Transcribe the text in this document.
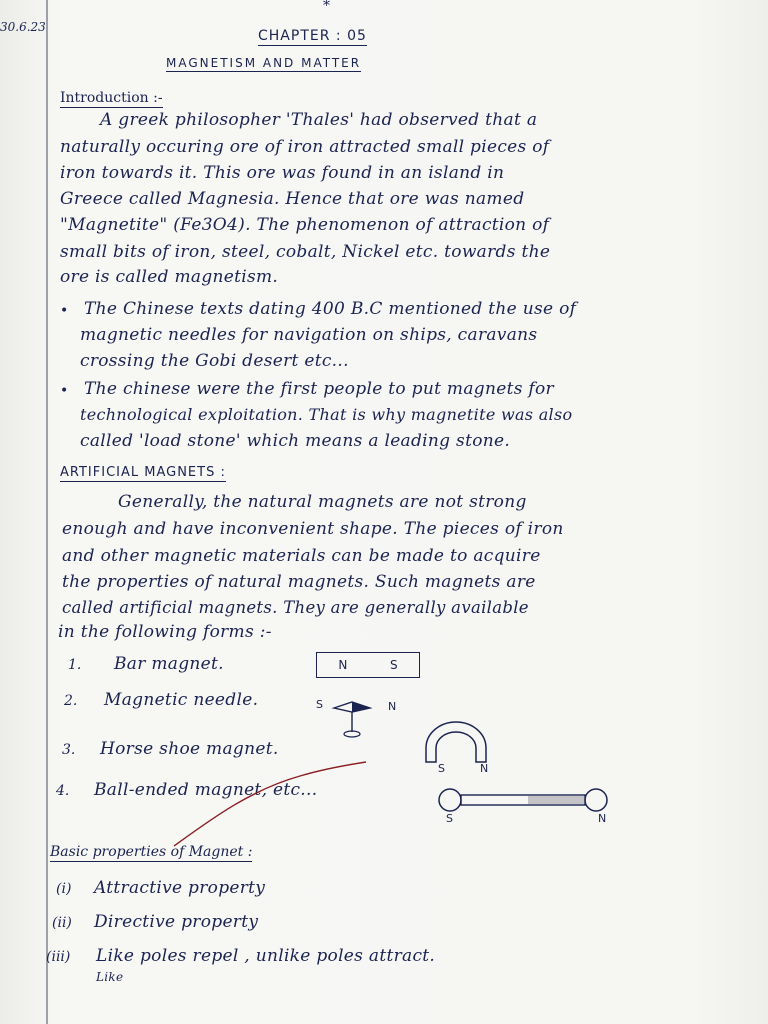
30.6.23
*
CHAPTER : 05
MAGNETISM AND MATTER
Introduction :-
A greek philosopher 'Thales' had observed that a
naturally occuring ore of iron attracted small pieces of
iron towards it. This ore was found in an island in
Greece called Magnesia. Hence that ore was named
"Magnetite" (Fe3O4). The phenomenon of attraction of
small bits of iron, steel, cobalt, Nickel etc. towards the
ore is called magnetism.
• The Chinese texts dating 400 B.C mentioned the use of
magnetic needles for navigation on ships, caravans
crossing the Gobi desert etc...
• The chinese were the first people to put magnets for
technological exploitation. That is why magnetite was also
called 'load stone' which means a leading stone.
ARTIFICIAL MAGNETS :
Generally, the natural magnets are not strong
enough and have inconvenient shape. The pieces of iron
and other magnetic materials can be made to acquire
the properties of natural magnets. Such magnets are
called artificial magnets. They are generally available
in the following forms :-
1. Bar magnet.	N	S
2. Magnetic needle.	S	N
3. Horse shoe magnet.
S	N
4. Ball-ended magnet, etc...
S	N
Basic properties of Magnet :
(i) Attractive property
(ii) Directive property
(iii) Like poles repel , unlike poles attract.
Like
